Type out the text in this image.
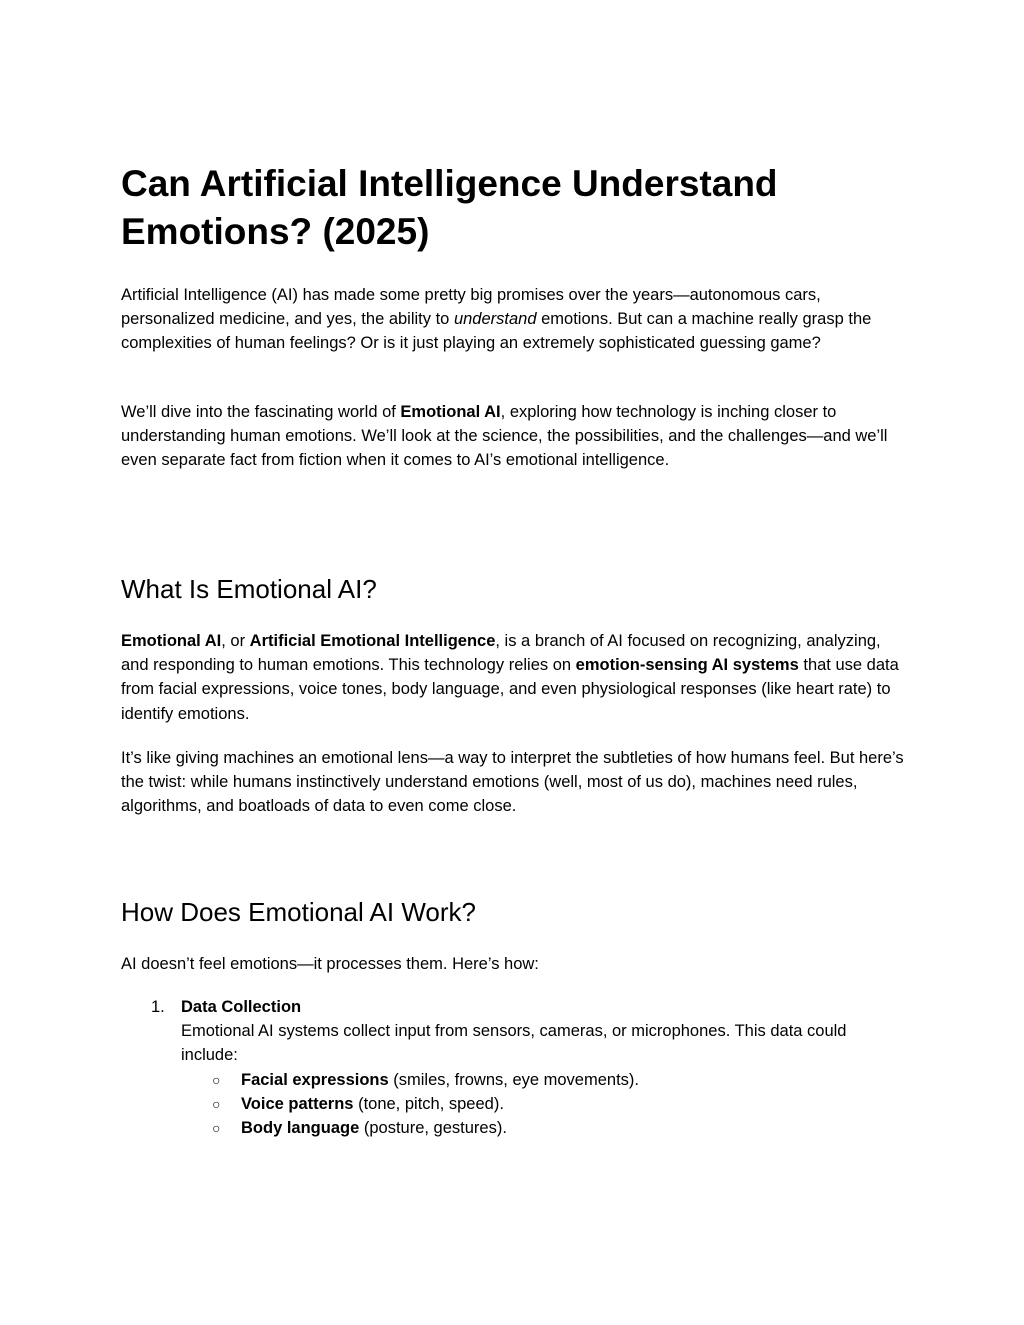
Can Artificial Intelligence Understand Emotions? (2025)

Artificial Intelligence (AI) has made some pretty big promises over the years—autonomous cars, personalized medicine, and yes, the ability to understand emotions. But can a machine really grasp the complexities of human feelings? Or is it just playing an extremely sophisticated guessing game?

We’ll dive into the fascinating world of Emotional AI, exploring how technology is inching closer to understanding human emotions. We’ll look at the science, the possibilities, and the challenges—and we’ll even separate fact from fiction when it comes to AI’s emotional intelligence.

What Is Emotional AI?

Emotional AI, or Artificial Emotional Intelligence, is a branch of AI focused on recognizing, analyzing, and responding to human emotions. This technology relies on emotion-sensing AI systems that use data from facial expressions, voice tones, body language, and even physiological responses (like heart rate) to identify emotions.

It’s like giving machines an emotional lens—a way to interpret the subtleties of how humans feel. But here’s the twist: while humans instinctively understand emotions (well, most of us do), machines need rules, algorithms, and boatloads of data to even come close.

How Does Emotional AI Work?

AI doesn’t feel emotions—it processes them. Here’s how:

1. Data Collection
Emotional AI systems collect input from sensors, cameras, or microphones. This data could include:
○ Facial expressions (smiles, frowns, eye movements).
○ Voice patterns (tone, pitch, speed).
○ Body language (posture, gestures).
